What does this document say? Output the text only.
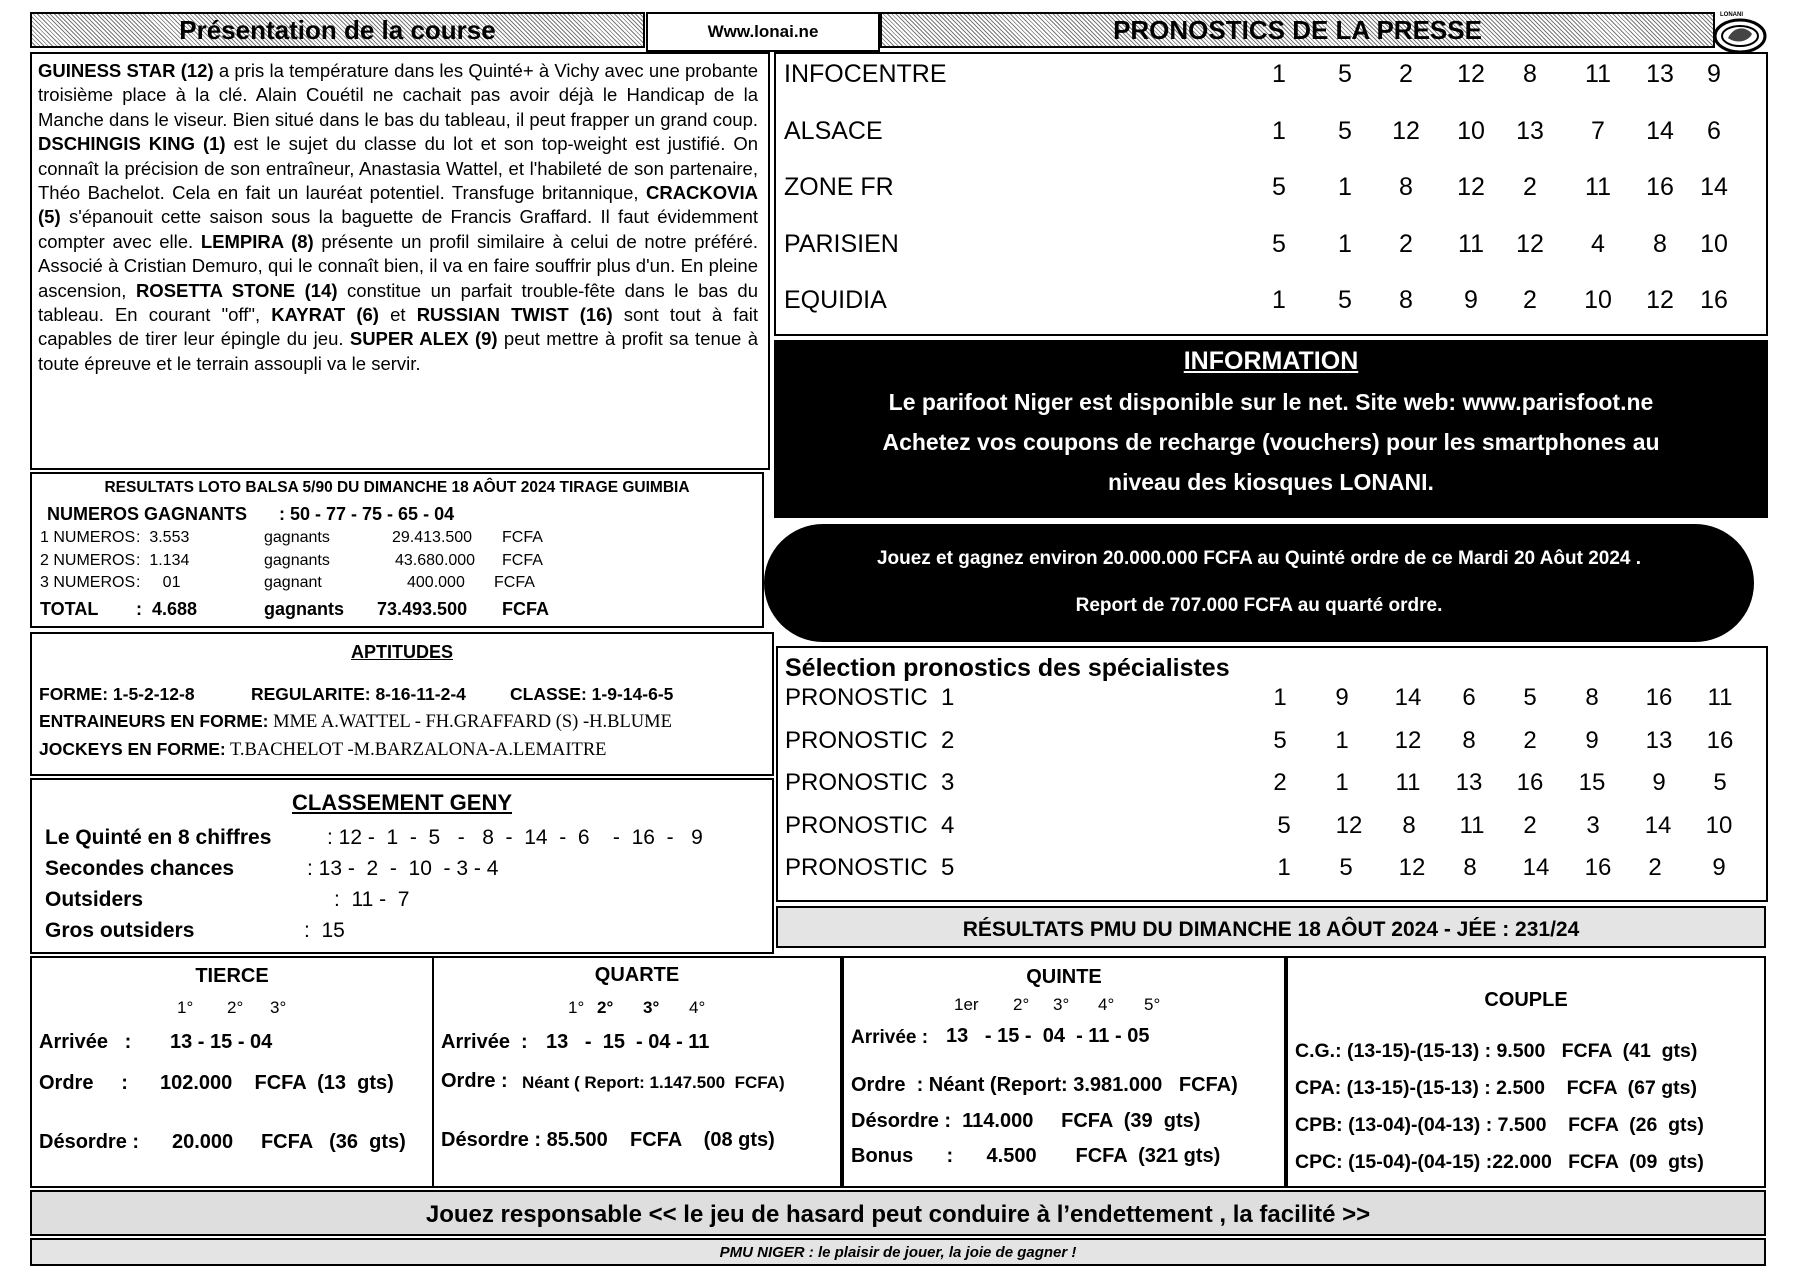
Présentation de la course	Www.lonai.ne	PRONOSTICS DE LA PRESSE	LONANI
GUINESS STAR (12) a pris la température dans les Quinté+ à Vichy avec une probante troisième place à la clé. Alain Couétil ne cachait pas avoir déjà le Handicap de la Manche dans le viseur. Bien situé dans le bas du tableau, il peut frapper un grand coup. DSCHINGIS KING (1) est le sujet du classe du lot et son top-weight est justifié. On connaît la précision de son entraîneur, Anastasia Wattel, et l'habileté de son partenaire, Théo Bachelot. Cela en fait un lauréat potentiel. Transfuge britannique, CRACKOVIA (5) s'épanouit cette saison sous la baguette de Francis Graffard. Il faut évidemment compter avec elle. LEMPIRA (8) présente un profil similaire à celui de notre préféré. Associé à Cristian Demuro, qui le connaît bien, il va en faire souffrir plus d'un. En pleine ascension, ROSETTA STONE (14) constitue un parfait trouble-fête dans le bas du tableau. En courant "off", KAYRAT (6) et RUSSIAN TWIST (16) sont tout à fait capables de tirer leur épingle du jeu. SUPER ALEX (9) peut mettre à profit sa tenue à toute épreuve et le terrain assoupli va le servir.
INFOCENTRE	1	5	2	12	8	11	13	9
ALSACE	1	5	12	10	13	7	14	6
ZONE FR	5	1	8	12	2	11	16	14
PARISIEN	5	1	2	11	12	4	8	10
EQUIDIA	1	5	8	9	2	10	12	16
INFORMATION
Le parifoot Niger est disponible sur le net. Site web: www.parisfoot.ne
Achetez vos coupons de recharge (vouchers) pour les smartphones au
niveau des kiosques LONANI.
Jouez et gagnez environ 20.000.000 FCFA au Quinté ordre de ce Mardi 20 Aôut 2024 .
Report de 707.000 FCFA au quarté ordre.
RESULTATS LOTO BALSA 5/90 DU DIMANCHE 18 AÔUT 2024 TIRAGE GUIMBIA
NUMEROS GAGNANTS : 50 - 77 - 75 - 65 - 04
1 NUMEROS :  3.553	gagnants	29.413.500 FCFA
2 NUMEROS :  1.134	gagnants	43.680.000 FCFA
3 NUMEROS :     01	gagnant	400.000 FCFA
TOTAL :  4.688	gagnants 73.493.500 FCFA
APTITUDES
FORME: 1-5-2-12-8	REGULARITE: 8-16-11-2-4	CLASSE: 1-9-14-6-5
ENTRAINEURS EN FORME: MME A.WATTEL - FH.GRAFFARD (S) -H.BLUME
JOCKEYS EN FORME: T.BACHELOT -M.BARZALONA-A.LEMAITRE
Sélection pronostics des spécialistes
PRONOSTIC  1	1	9	14	6	5	8	16	11
PRONOSTIC  2	5	1	12	8	2	9	13	16
PRONOSTIC  3	2	1	11	13	16	15	9	5
PRONOSTIC  4	5	12	8	11	2	3	14	10
PRONOSTIC  5	1	5	12	8	14	16	2	9
CLASSEMENT GENY
Le Quinté en 8 chiffres	: 12 -  1  -  5   -   8  -  14  -  6    -  16  -   9
Secondes chances	: 13 -  2  -  10  - 3 - 4
Outsiders	:  11 -  7
Gros outsiders	:  15	RÉSULTATS PMU DU DIMANCHE 18 AÔUT 2024 - JÉE : 231/24
TIERCE
1° 2° 3°
Arrivée   : 13 - 15 - 04
Ordre     : 102.000    FCFA  (13  gts)
Désordre : 20.000     FCFA   (36  gts)
QUARTE
1° 2° 3° 4°
Arrivée  : 13   -  15  - 04 - 11
Ordre : Néant ( Report: 1.147.500  FCFA)
Désordre : 85.500    FCFA    (08 gts)
QUINTE
1er 2° 3° 4° 5°
Arrivée : 13   - 15 -  04  - 11 - 05
Ordre  : Néant (Report: 3.981.000   FCFA)
Désordre :  114.000     FCFA  (39  gts)
Bonus      :      4.500       FCFA  (321 gts)
COUPLE
C.G.: (13-15)-(15-13) : 9.500   FCFA  (41  gts)
CPA: (13-15)-(15-13) : 2.500    FCFA  (67 gts)
CPB: (13-04)-(04-13) : 7.500    FCFA  (26  gts)
CPC: (15-04)-(04-15) :22.000   FCFA  (09  gts)
Jouez responsable << le jeu de hasard peut conduire à l’endettement , la facilité >>
PMU NIGER : le plaisir de jouer, la joie de gagner !
